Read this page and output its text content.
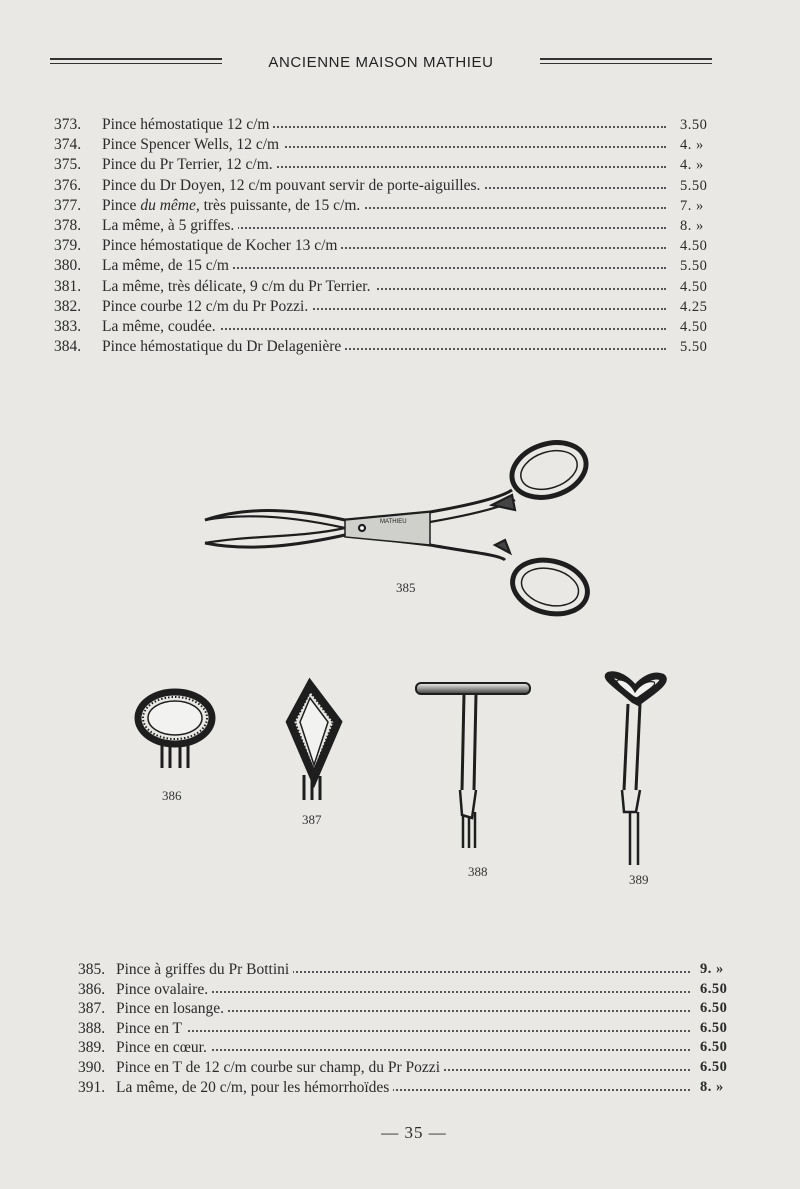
ANCIENNE MAISON MATHIEU
373. Pince hémostatique 12 c/m	3.50
374. Pince Spencer Wells, 12 c/m	4. »
375. Pince du Pr Terrier, 12 c/m.	4. »
376. Pince du Dr Doyen, 12 c/m pouvant servir de porte-aiguilles.	5.50
377. Pince du même, très puissante, de 15 c/m.	7. »
378. La même, à 5 griffes.	8. »
379. Pince hémostatique de Kocher 13 c/m	4.50
380. La même, de 15 c/m	5.50
381. La même, très délicate, 9 c/m du Pr Terrier.	4.50
382. Pince courbe 12 c/m du Pr Pozzi.	4.25
383. La même, coudée.	4.50
384. Pince hémostatique du Dr Delagenière	5.50
MATHIEU
385
386
387
388
389
385. Pince à griffes du Pr Bottini	9. »
386. Pince ovalaire.	6.50
387. Pince en losange.	6.50
388. Pince en T	6.50
389. Pince en cœur.	6.50
390. Pince en T de 12 c/m courbe sur champ, du Pr Pozzi	6.50
391. La même, de 20 c/m, pour les hémorrhoïdes	8. »
— 35 —
